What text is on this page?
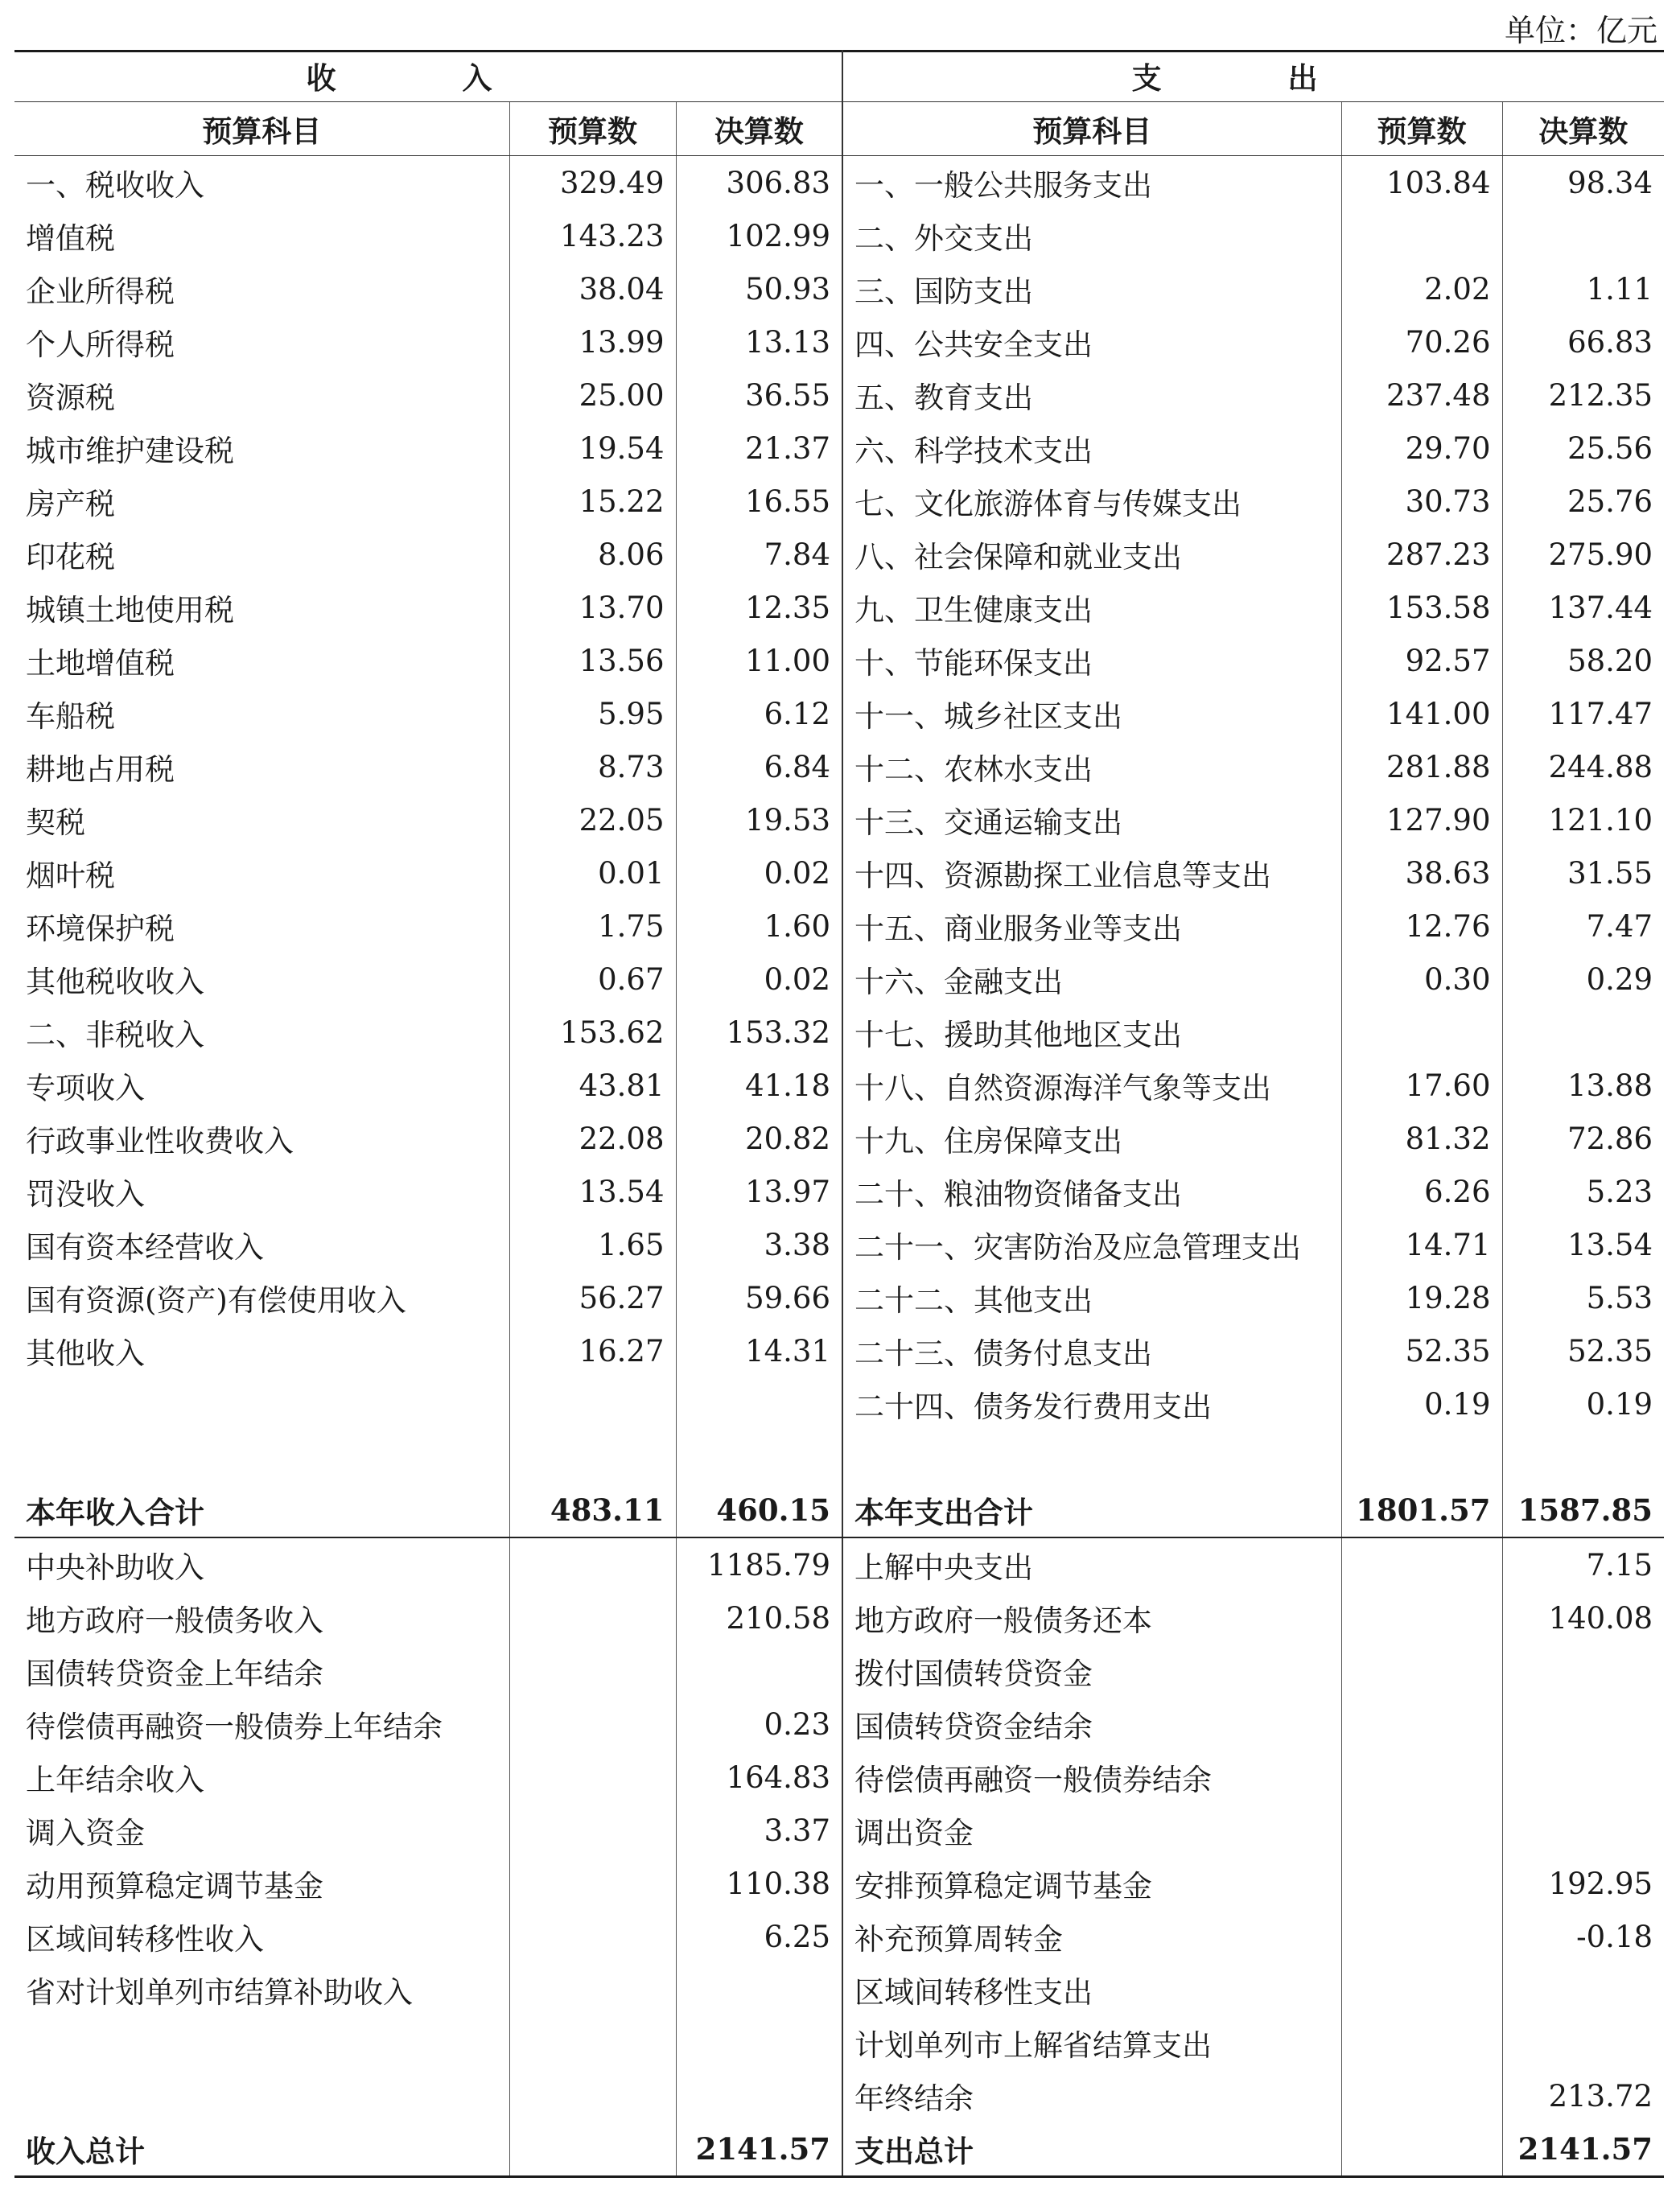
单位：亿元
收 入			支 出		
预算科目	预算数	决算数	预算科目	预算数	决算数
一、税收收入	329.49	306.83	一、一般公共服务支出	103.84	98.34
增值税	143.23	102.99	二、外交支出		
企业所得税	38.04	50.93	三、国防支出	2.02	1.11
个人所得税	13.99	13.13	四、公共安全支出	70.26	66.83
资源税	25.00	36.55	五、教育支出	237.48	212.35
城市维护建设税	19.54	21.37	六、科学技术支出	29.70	25.56
房产税	15.22	16.55	七、文化旅游体育与传媒支出	30.73	25.76
印花税	8.06	7.84	八、社会保障和就业支出	287.23	275.90
城镇土地使用税	13.70	12.35	九、卫生健康支出	153.58	137.44
土地增值税	13.56	11.00	十、节能环保支出	92.57	58.20
车船税	5.95	6.12	十一、城乡社区支出	141.00	117.47
耕地占用税	8.73	6.84	十二、农林水支出	281.88	244.88
契税	22.05	19.53	十三、交通运输支出	127.90	121.10
烟叶税	0.01	0.02	十四、资源勘探工业信息等支出	38.63	31.55
环境保护税	1.75	1.60	十五、商业服务业等支出	12.76	7.47
其他税收收入	0.67	0.02	十六、金融支出	0.30	0.29
二、非税收入	153.62	153.32	十七、援助其他地区支出		
专项收入	43.81	41.18	十八、自然资源海洋气象等支出	17.60	13.88
行政事业性收费收入	22.08	20.82	十九、住房保障支出	81.32	72.86
罚没收入	13.54	13.97	二十、粮油物资储备支出	6.26	5.23
国有资本经营收入	1.65	3.38	二十一、灾害防治及应急管理支出	14.71	13.54
国有资源(资产)有偿使用收入	56.27	59.66	二十二、其他支出	19.28	5.53
其他收入	16.27	14.31	二十三、债务付息支出	52.35	52.35
			二十四、债务发行费用支出	0.19	0.19

本年收入合计	483.11	460.15	本年支出合计	1801.57	1587.85
中央补助收入		1185.79	上解中央支出		7.15
地方政府一般债务收入		210.58	地方政府一般债务还本		140.08
国债转贷资金上年结余			拨付国债转贷资金		
待偿债再融资一般债券上年结余		0.23	国债转贷资金结余		
上年结余收入		164.83	待偿债再融资一般债券结余		
调入资金		3.37	调出资金		
动用预算稳定调节基金		110.38	安排预算稳定调节基金		192.95
区域间转移性收入		6.25	补充预算周转金		-0.18
省对计划单列市结算补助收入			区域间转移性支出		
			计划单列市上解省结算支出		
			年终结余		213.72
收入总计		2141.57	支出总计		2141.57
